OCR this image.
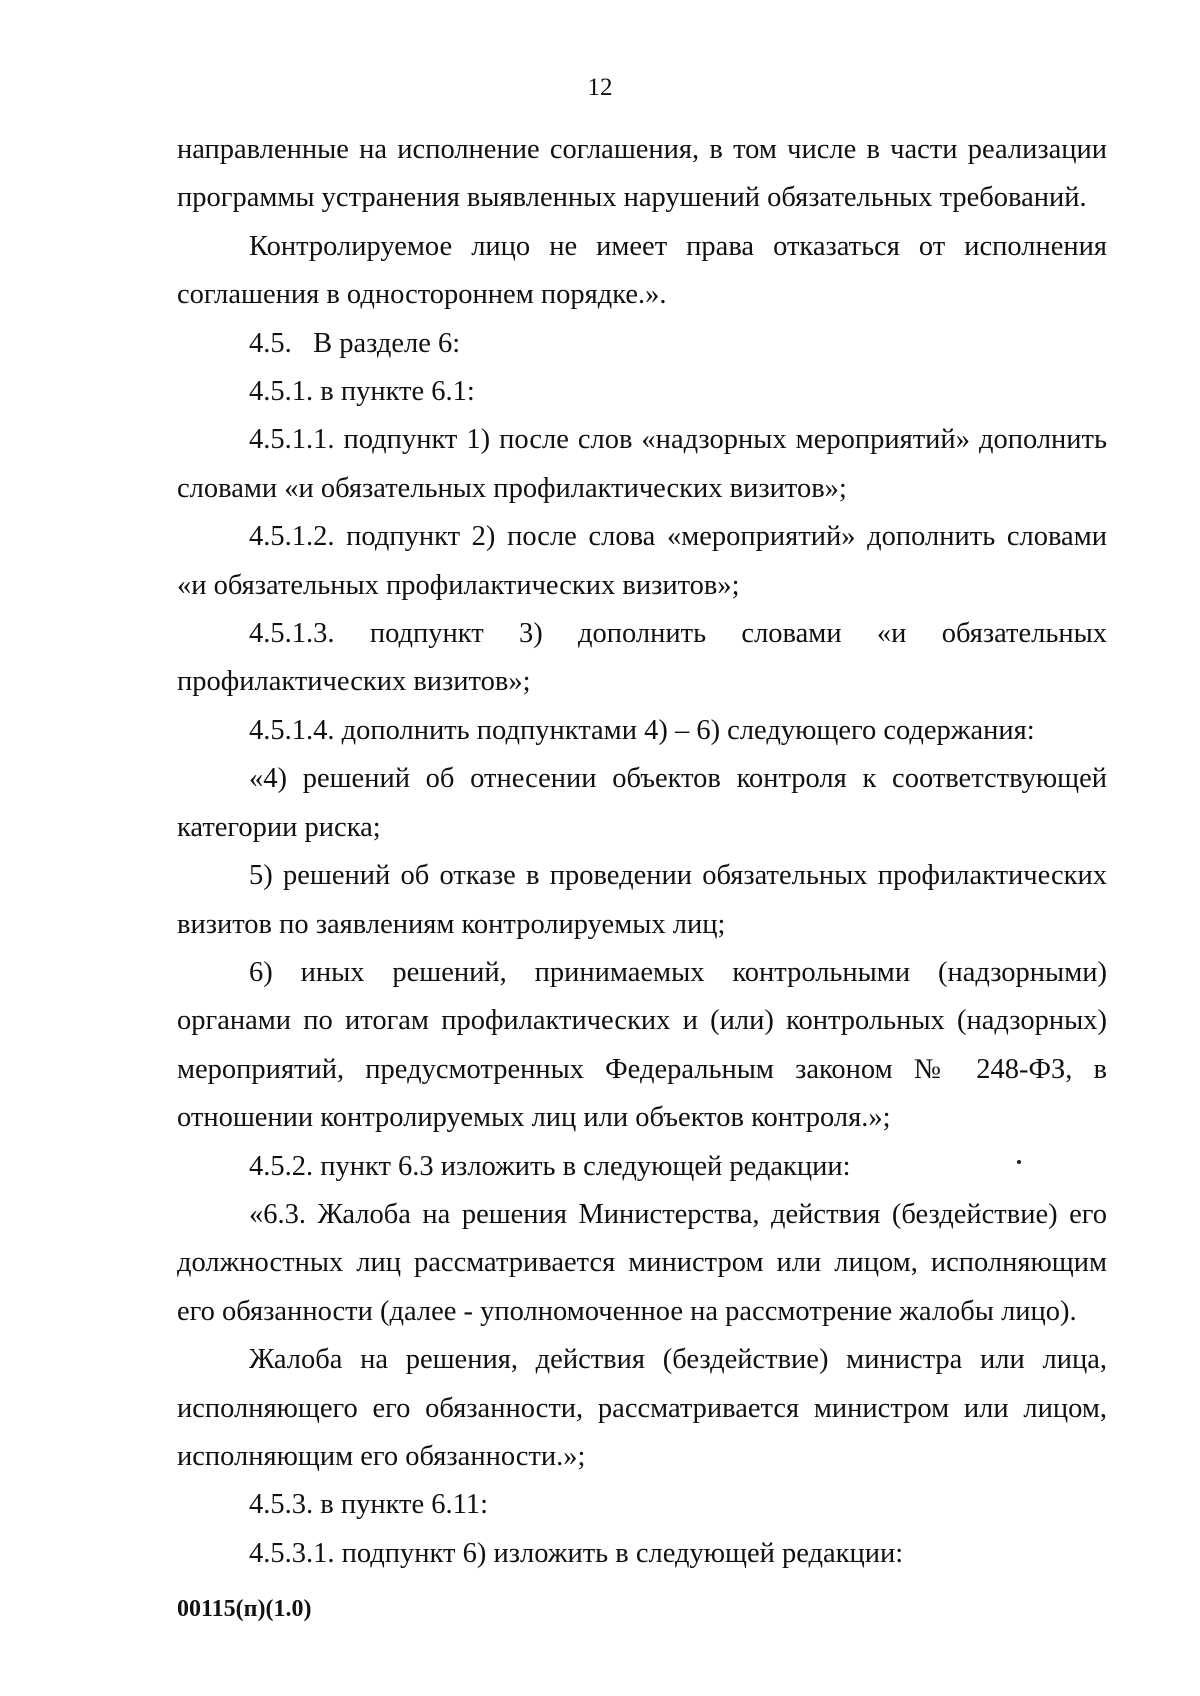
12

направленные на исполнение соглашения, в том числе в части реализации программы устранения выявленных нарушений обязательных требований.

Контролируемое лицо не имеет права отказаться от исполнения соглашения в одностороннем порядке.».

4.5.   В разделе 6:

4.5.1. в пункте 6.1:

4.5.1.1. подпункт 1) после слов «надзорных мероприятий» дополнить словами «и обязательных профилактических визитов»;

4.5.1.2. подпункт 2) после слова «мероприятий» дополнить словами «и обязательных профилактических визитов»;

4.5.1.3. подпункт 3) дополнить словами «и обязательных профилактических визитов»;

4.5.1.4. дополнить подпунктами 4) – 6) следующего содержания:

«4) решений об отнесении объектов контроля к соответствующей категории риска;

5) решений об отказе в проведении обязательных профилактических визитов по заявлениям контролируемых лиц;

6) иных решений, принимаемых контрольными (надзорными) органами по итогам профилактических и (или) контрольных (надзорных) мероприятий, предусмотренных Федеральным законом № 248-ФЗ, в отношении контролируемых лиц или объектов контроля.»;

4.5.2. пункт 6.3 изложить в следующей редакции:

«6.3. Жалоба на решения Министерства, действия (бездействие) его должностных лиц рассматривается министром или лицом, исполняющим его обязанности (далее - уполномоченное на рассмотрение жалобы лицо).

Жалоба на решения, действия (бездействие) министра или лица, исполняющего его обязанности, рассматривается министром или лицом, исполняющим его обязанности.»;

4.5.3. в пункте 6.11:

4.5.3.1. подпункт 6) изложить в следующей редакции:

00115(п)(1.0)
